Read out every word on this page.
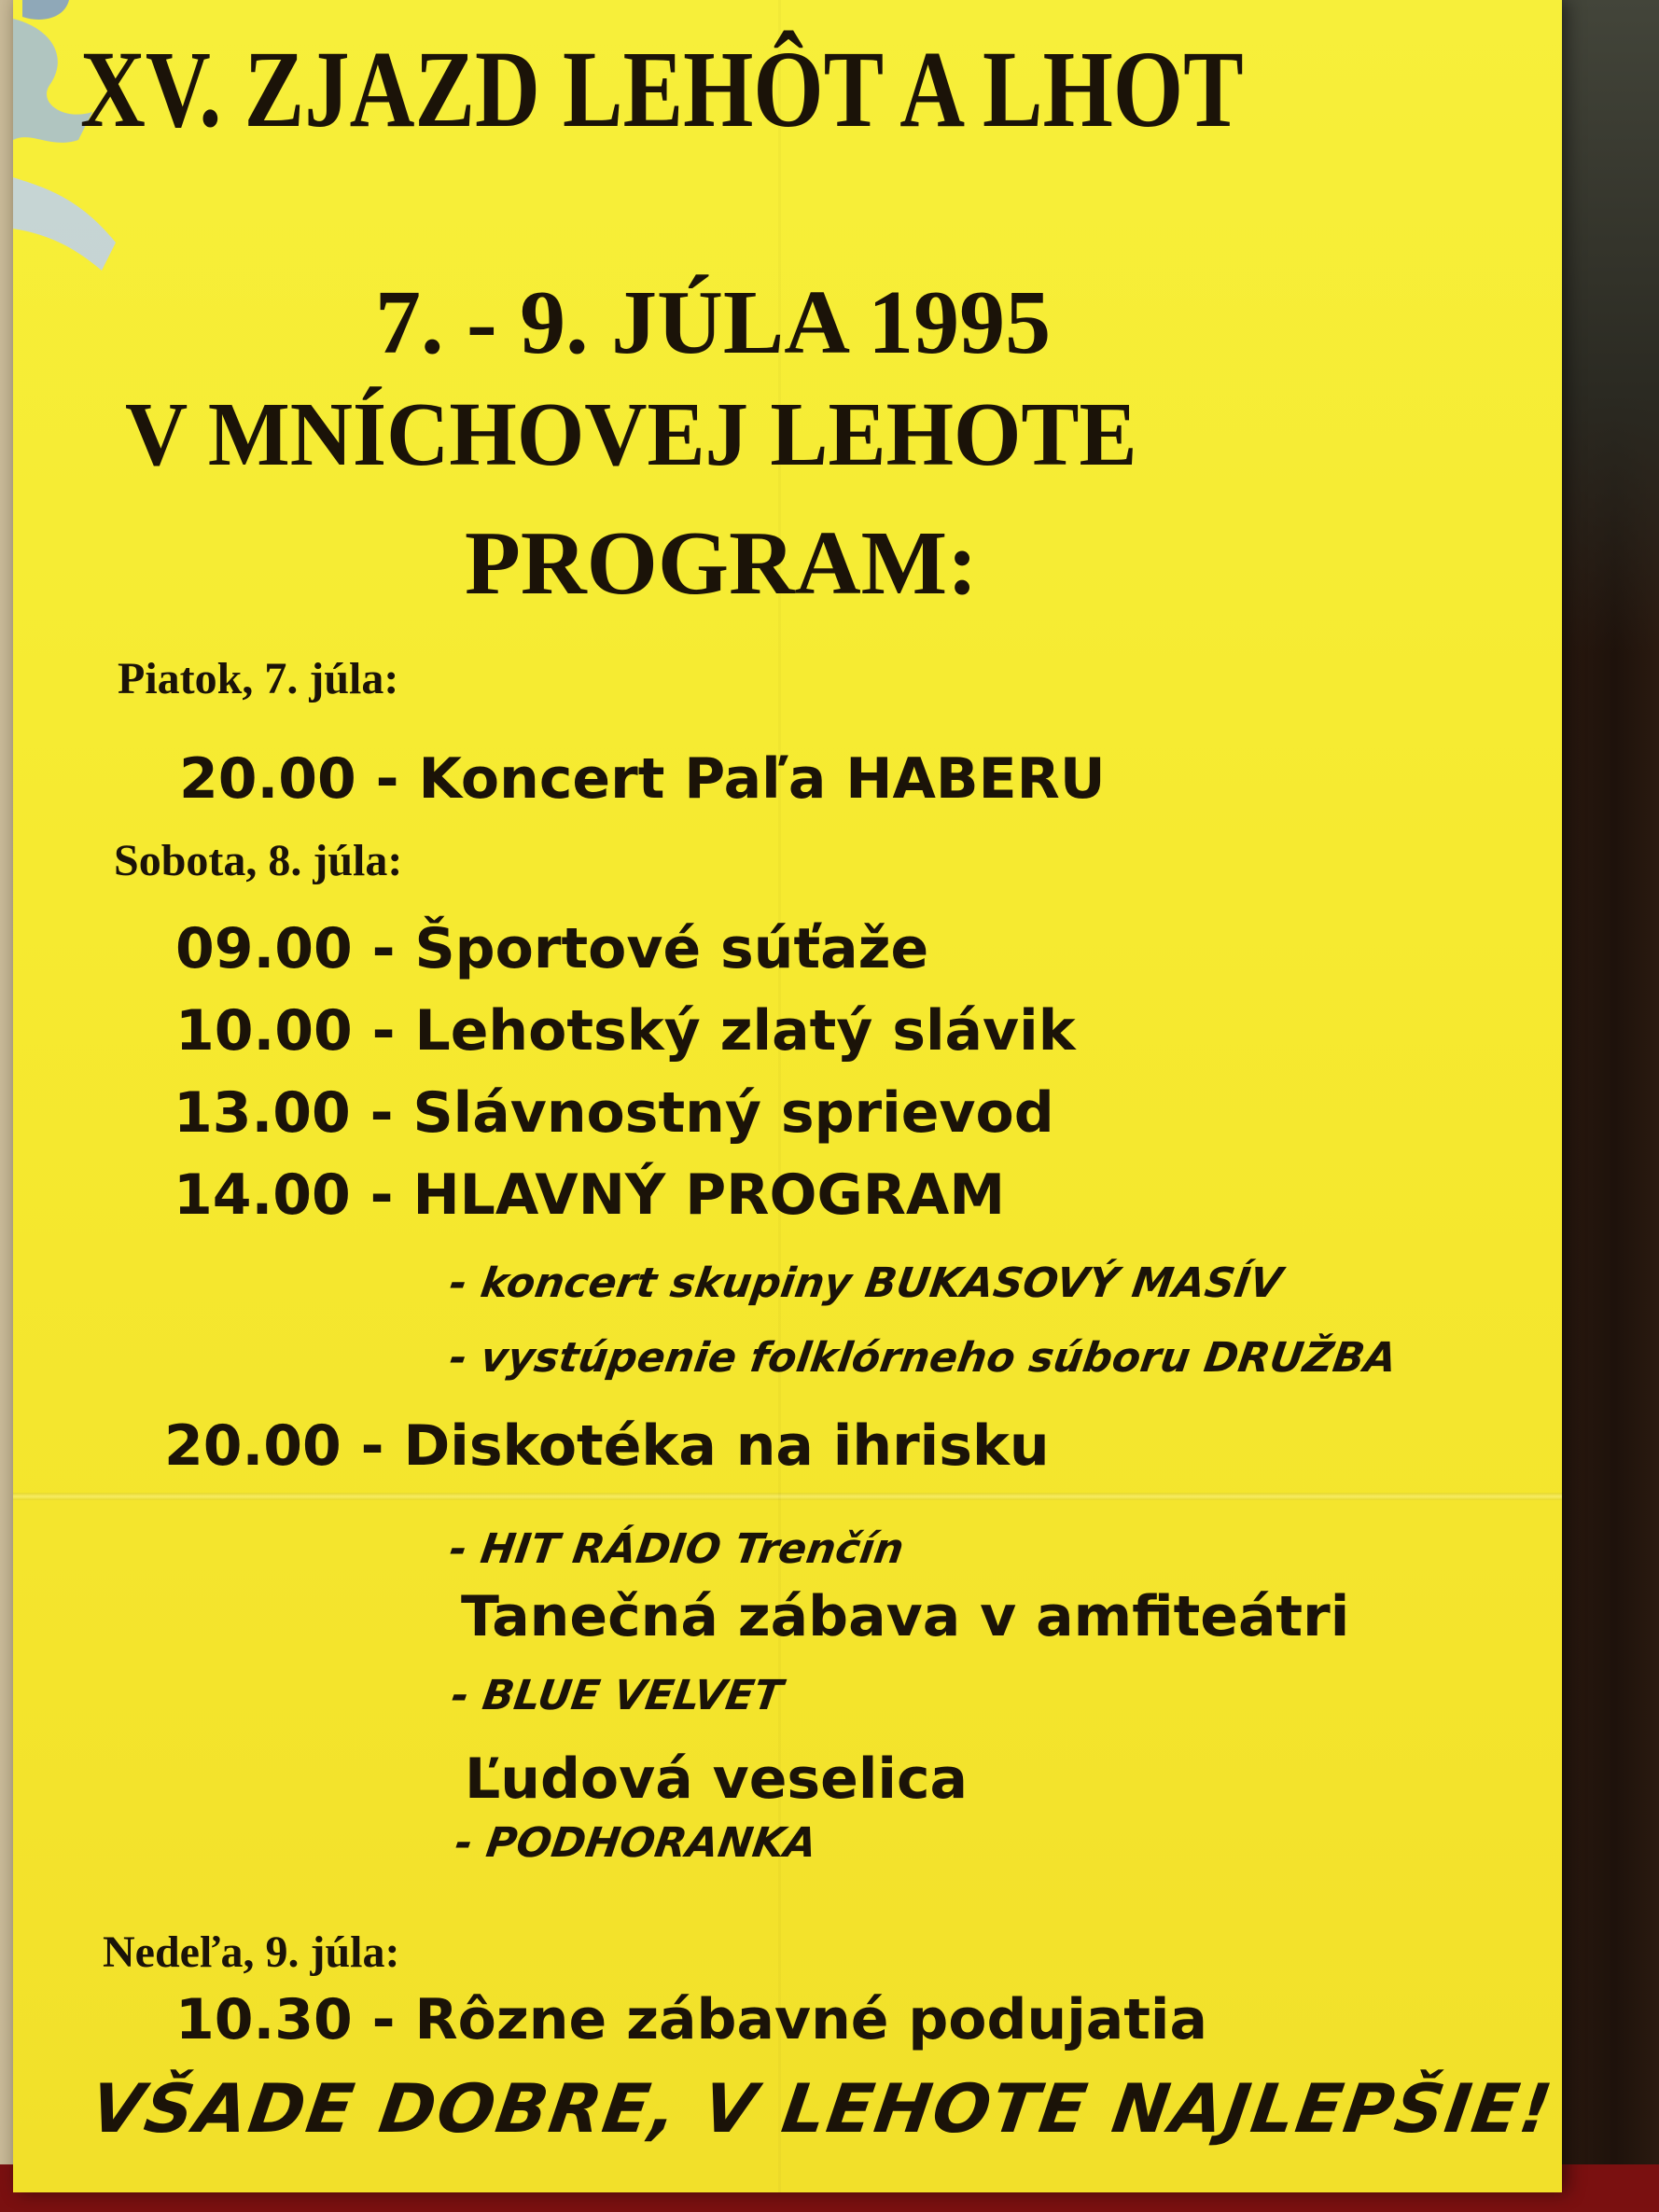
XV. ZJAZD LEHÔT A LHOT
7. - 9. JÚLA 1995
V MNÍCHOVEJ LEHOTE
PROGRAM:
Piatok, 7. júla:
20.00 - Koncert Paľa HABERU
Sobota, 8. júla:
09.00 - Športové súťaže
10.00 - Lehotský zlatý slávik
13.00 - Slávnostný sprievod
14.00 - HLAVNÝ PROGRAM
- koncert skupiny BUKASOVÝ MASÍV
- vystúpenie folklórneho súboru DRUŽBA
20.00 - Diskotéka na ihrisku
- HIT RÁDIO Trenčín
Tanečná zábava v amfiteátri
- BLUE VELVET
Ľudová veselica
- PODHORANKA
Nedeľa, 9. júla:
10.30 - Rôzne zábavné podujatia
VŠADE DOBRE, V LEHOTE NAJLEPŠIE!
